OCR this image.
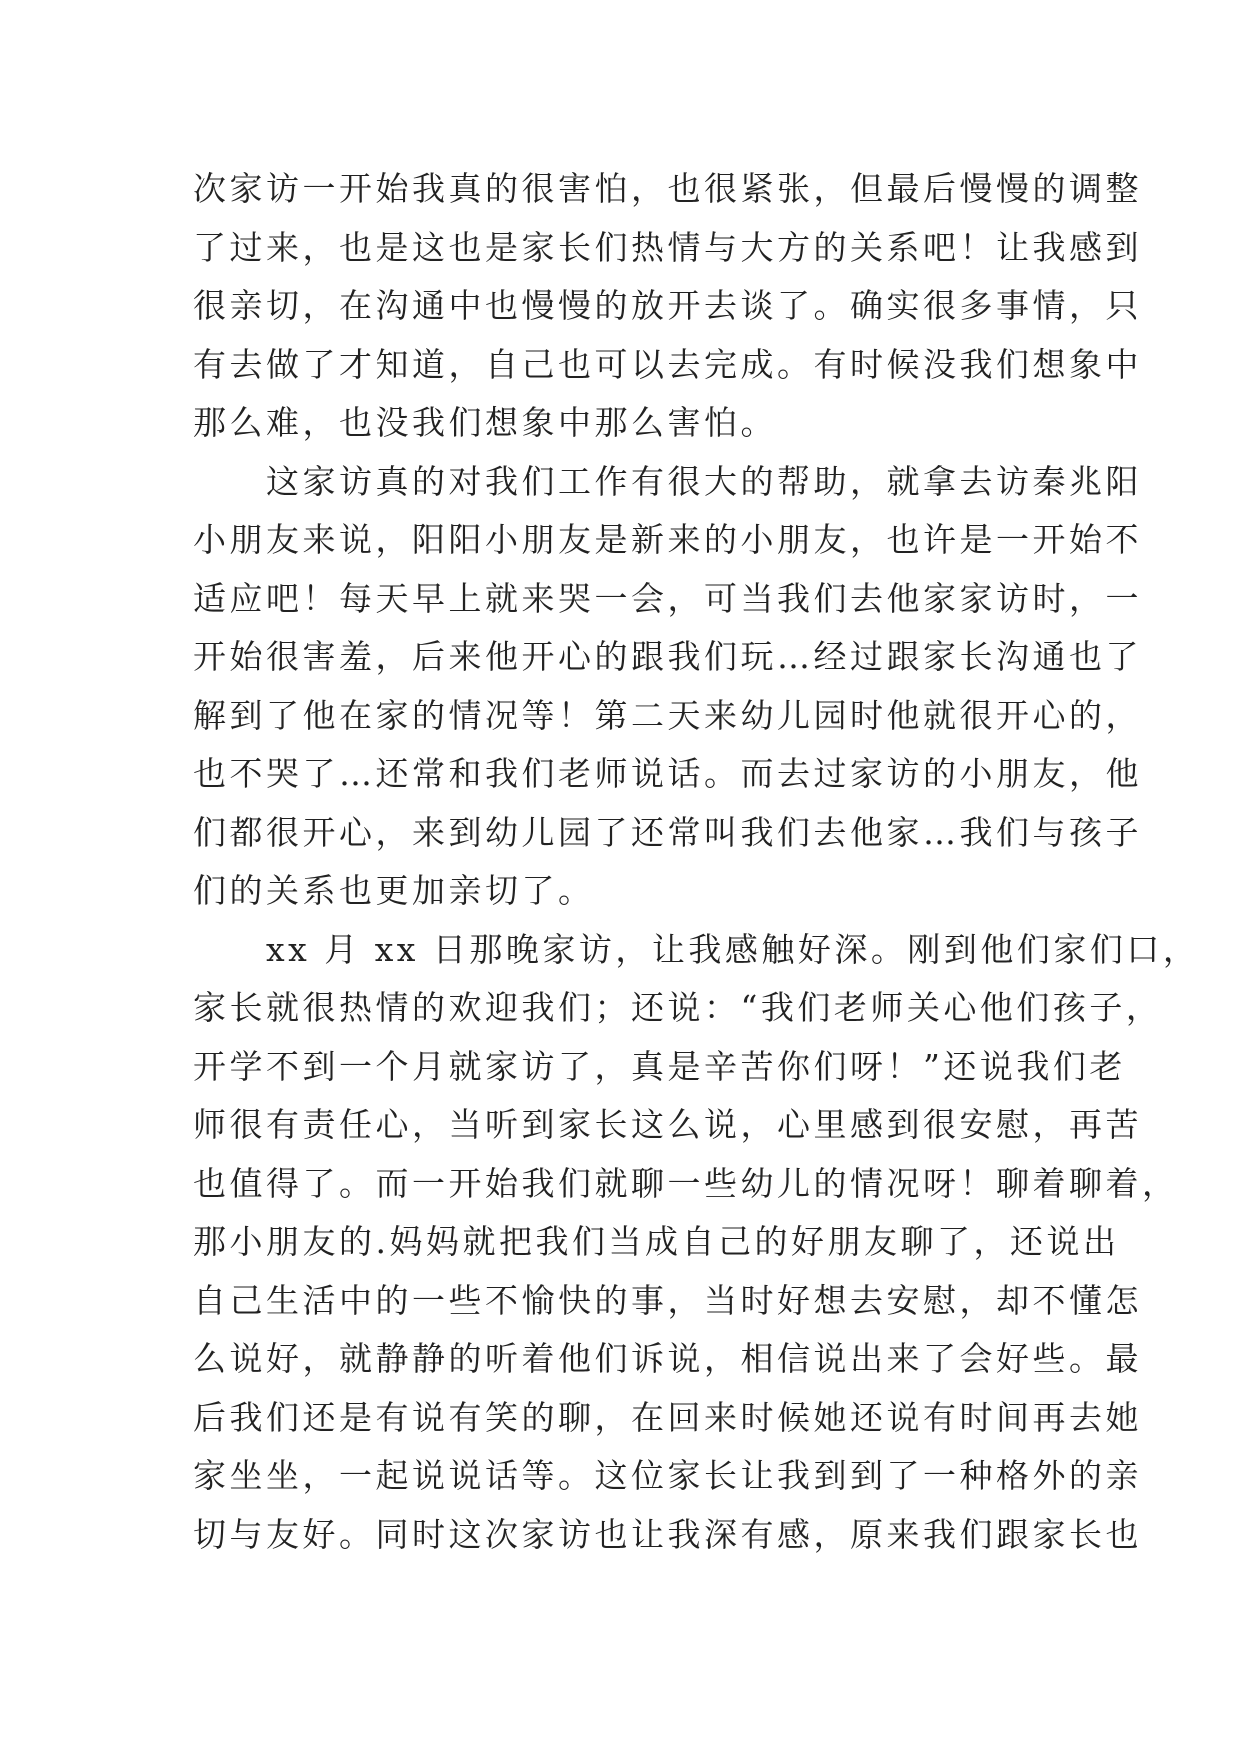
次家访一开始我真的很害怕，也很紧张，但最后慢慢的调整

了过来，也是这也是家长们热情与大方的关系吧！让我感到

很亲切，在沟通中也慢慢的放开去谈了。确实很多事情，只

有去做了才知道，自己也可以去完成。有时候没我们想象中

那么难，也没我们想象中那么害怕。

　　这家访真的对我们工作有很大的帮助，就拿去访秦兆阳

小朋友来说，阳阳小朋友是新来的小朋友，也许是一开始不

适应吧！每天早上就来哭一会，可当我们去他家家访时，一

开始很害羞，后来他开心的跟我们玩…经过跟家长沟通也了

解到了他在家的情况等！第二天来幼儿园时他就很开心的，

也不哭了…还常和我们老师说话。而去过家访的小朋友，他

们都很开心，来到幼儿园了还常叫我们去他家…我们与孩子

们的关系也更加亲切了。

　　xx 月 xx 日那晚家访，让我感触好深。刚到他们家们口，

家长就很热情的欢迎我们；还说：“我们老师关心他们孩子，

开学不到一个月就家访了，真是辛苦你们呀！”还说我们老

师很有责任心，当听到家长这么说，心里感到很安慰，再苦

也值得了。而一开始我们就聊一些幼儿的情况呀！聊着聊着，

那小朋友的.妈妈就把我们当成自己的好朋友聊了，还说出

自己生活中的一些不愉快的事，当时好想去安慰，却不懂怎

么说好，就静静的听着他们诉说，相信说出来了会好些。最

后我们还是有说有笑的聊，在回来时候她还说有时间再去她

家坐坐，一起说说话等。这位家长让我到到了一种格外的亲

切与友好。同时这次家访也让我深有感，原来我们跟家长也
